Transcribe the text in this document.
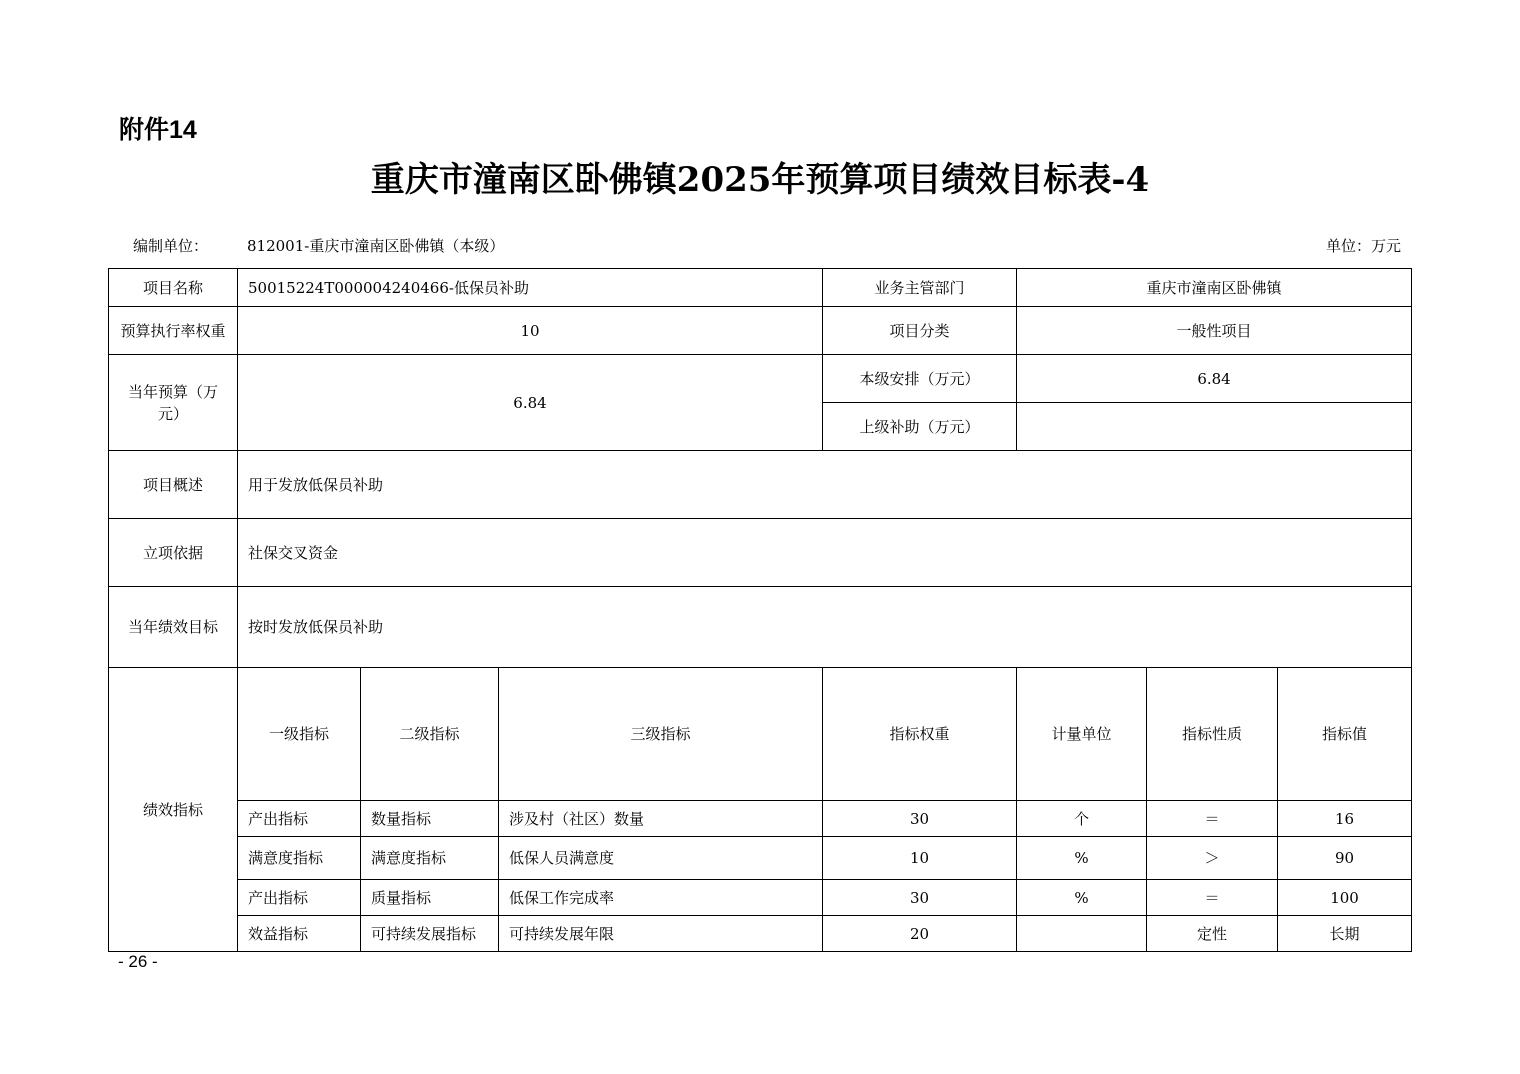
附件14
重庆市潼南区卧佛镇2025年预算项目绩效目标表-4
编制单位：	812001-重庆市潼南区卧佛镇（本级）	单位：万元
项目名称	50015224T000004240466-低保员补助			业务主管部门	重庆市潼南区卧佛镇			
预算执行率权重	10			项目分类	一般性项目			
当年预算（万元）	6.84			本级安排（万元）	6.84			
				上级补助（万元）				
项目概述	用于发放低保员补助							
立项依据	社保交叉资金							
当年绩效目标	按时发放低保员补助							
绩效指标	一级指标	二级指标	三级指标	指标权重	计量单位	指标性质	指标值	
	产出指标	数量指标	涉及村（社区）数量	30	个	＝	16	
	满意度指标	满意度指标	低保人员满意度	10	%	＞	90	
	产出指标	质量指标	低保工作完成率	30	%	＝	100	
	效益指标	可持续发展指标	可持续发展年限	20		定性	长期	
- 26 -
